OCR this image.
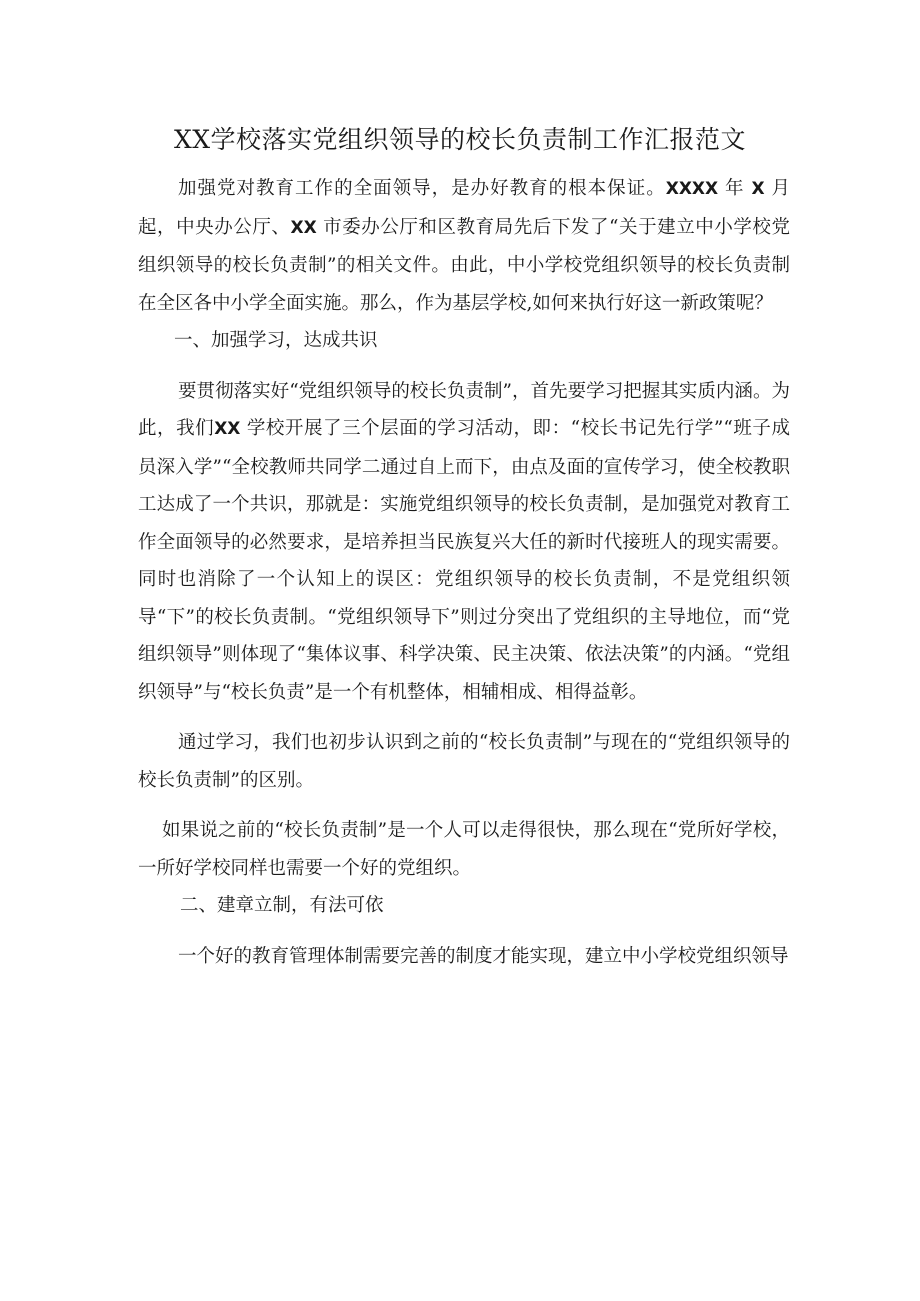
XX学校落实党组织领导的校长负责制工作汇报范文

加强党对教育工作的全面领导，是办好教育的根本保证。XXXX 年 X 月起，中央办公厅、XX 市委办公厅和区教育局先后下发了“关于建立中小学校党组织领导的校长负责制”的相关文件。由此，中小学校党组织领导的校长负责制在全区各中小学全面实施。那么，作为基层学校,如何来执行好这一新政策呢？

一、加强学习，达成共识

要贯彻落实好“党组织领导的校长负责制”，首先要学习把握其实质内涵。为此，我们XX 学校开展了三个层面的学习活动，即：“校长书记先行学”“班子成员深入学”“全校教师共同学二通过自上而下，由点及面的宣传学习，使全校教职工达成了一个共识，那就是：实施党组织领导的校长负责制，是加强党对教育工作全面领导的必然要求，是培养担当民族复兴大任的新时代接班人的现实需要。同时也消除了一个认知上的误区：党组织领导的校长负责制，不是党组织领导“下”的校长负责制。“党组织领导下”则过分突出了党组织的主导地位，而“党组织领导”则体现了“集体议事、科学决策、民主决策、依法决策”的内涵。“党组织领导”与“校长负责”是一个有机整体，相辅相成、相得益彰。

通过学习，我们也初步认识到之前的“校长负责制”与现在的“党组织领导的校长负责制”的区别。

如果说之前的“校长负责制”是一个人可以走得很快，那么现在“党所好学校，一所好学校同样也需要一个好的党组织。

二、建章立制，有法可依

一个好的教育管理体制需要完善的制度才能实现，建立中小学校党组织领导
